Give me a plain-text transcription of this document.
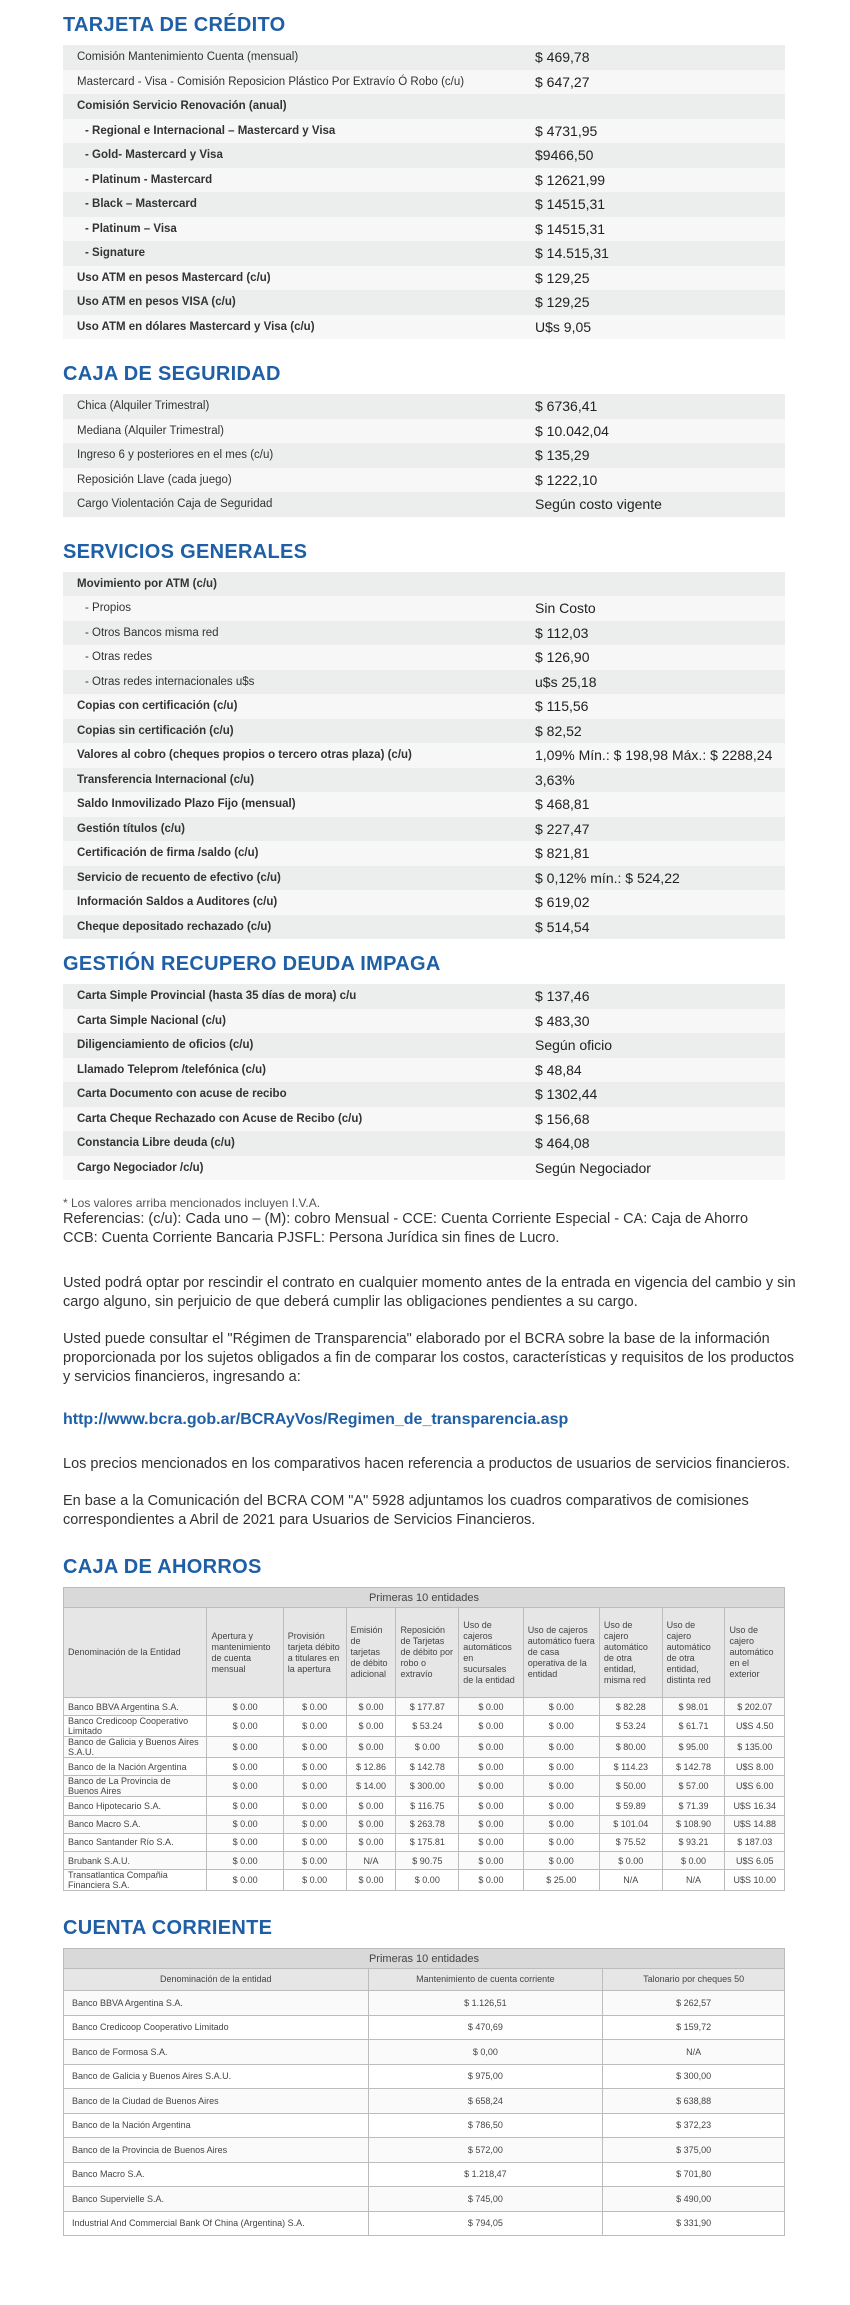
TARJETA DE CRÉDITO
Comisión Mantenimiento Cuenta (mensual)	$ 469,78
Mastercard - Visa - Comisión Reposicion Plástico Por Extravío Ó Robo (c/u)	$ 647,27
Comisión Servicio Renovación (anual)	
- Regional e Internacional – Mastercard y Visa	$ 4731,95
- Gold- Mastercard y Visa	$9466,50
- Platinum - Mastercard	$ 12621,99
- Black – Mastercard	$ 14515,31
- Platinum – Visa	$ 14515,31
- Signature	$ 14.515,31
Uso ATM en pesos Mastercard (c/u)	$ 129,25
Uso ATM en pesos VISA (c/u)	$ 129,25
Uso ATM en dólares Mastercard y Visa (c/u)	U$s 9,05
CAJA DE SEGURIDAD
Chica (Alquiler Trimestral)	$ 6736,41
Mediana (Alquiler Trimestral)	$ 10.042,04
Ingreso 6 y posteriores en el mes (c/u)	$ 135,29
Reposición Llave (cada juego)	$ 1222,10
Cargo Violentación Caja de Seguridad	Según costo vigente
SERVICIOS GENERALES
Movimiento por ATM (c/u)	
- Propios	Sin Costo
- Otros Bancos misma red	$ 112,03
- Otras redes	$ 126,90
- Otras redes internacionales u$s	u$s 25,18
Copias con certificación (c/u)	$ 115,56
Copias sin certificación (c/u)	$ 82,52
Valores al cobro (cheques propios o tercero otras plaza) (c/u)	1,09% Mín.: $ 198,98 Máx.: $ 2288,24
Transferencia Internacional (c/u)	3,63%
Saldo Inmovilizado Plazo Fijo (mensual)	$ 468,81
Gestión títulos (c/u)	$ 227,47
Certificación de firma /saldo (c/u)	$ 821,81
Servicio de recuento de efectivo (c/u)	$ 0,12% mín.: $ 524,22
Información Saldos a Auditores (c/u)	$ 619,02
Cheque depositado rechazado (c/u)	$ 514,54
GESTIÓN RECUPERO DEUDA IMPAGA
Carta Simple Provincial (hasta 35 días de mora) c/u	$ 137,46
Carta Simple Nacional (c/u)	$ 483,30
Diligenciamiento de oficios (c/u)	Según oficio
Llamado Teleprom /telefónica (c/u)	$ 48,84
Carta Documento con acuse de recibo	$ 1302,44
Carta Cheque Rechazado con Acuse de Recibo (c/u)	$ 156,68
Constancia Libre deuda (c/u)	$ 464,08
Cargo Negociador /c/u)	Según Negociador
* Los valores arriba mencionados incluyen I.V.A.
Referencias: (c/u): Cada uno – (M): cobro Mensual - CCE: Cuenta Corriente Especial - CA: Caja de Ahorro
CCB: Cuenta Corriente Bancaria PJSFL: Persona Jurídica sin fines de Lucro.
Usted podrá optar por rescindir el contrato en cualquier momento antes de la entrada en vigencia del cambio y sin cargo alguno, sin perjuicio de que deberá cumplir las obligaciones pendientes a su cargo.
Usted puede consultar el "Régimen de Transparencia" elaborado por el BCRA sobre la base de la información proporcionada por los sujetos obligados a fin de comparar los costos, características y requisitos de los productos y servicios financieros, ingresando a:
http://www.bcra.gob.ar/BCRAyVos/Regimen_de_transparencia.asp
Los precios mencionados en los comparativos hacen referencia a productos de usuarios de servicios financieros.
En base a la Comunicación del BCRA COM "A" 5928 adjuntamos los cuadros comparativos de comisiones correspondientes a Abril de 2021 para Usuarios de Servicios Financieros.
CAJA DE AHORROS
Primeras 10 entidades									
Denominación de la Entidad	Apertura y mantenimiento de cuenta mensual	Provisión tarjeta débito a titulares en la apertura	Emisión de tarjetas de débito adicional	Reposición de Tarjetas de débito por robo o extravío	Uso de cajeros automáticos en sucursales de la entidad	Uso de cajeros automático fuera de casa operativa de la entidad	Uso de cajero automático de otra entidad, misma red	Uso de cajero automático de otra entidad, distinta red	Uso de cajero automático en el exterior
Banco BBVA Argentina S.A.	$ 0.00	$ 0.00	$ 0.00	$ 177.87	$ 0.00	$ 0.00	$ 82.28	$ 98.01	$ 202.07
Banco Credicoop Cooperativo Limitado	$ 0.00	$ 0.00	$ 0.00	$ 53.24	$ 0.00	$ 0.00	$ 53.24	$ 61.71	U$S 4.50
Banco de Galicia y Buenos Aires S.A.U.	$ 0.00	$ 0.00	$ 0.00	$ 0.00	$ 0.00	$ 0.00	$ 80.00	$ 95.00	$ 135.00
Banco de la Nación Argentina	$ 0.00	$ 0.00	$ 12.86	$ 142.78	$ 0.00	$ 0.00	$ 114.23	$ 142.78	U$S 8.00
Banco de La Provincia de Buenos Aires	$ 0.00	$ 0.00	$ 14.00	$ 300.00	$ 0.00	$ 0.00	$ 50.00	$ 57.00	U$S 6.00
Banco Hipotecario S.A.	$ 0.00	$ 0.00	$ 0.00	$ 116.75	$ 0.00	$ 0.00	$ 59.89	$ 71.39	U$S 16.34
Banco Macro S.A.	$ 0.00	$ 0.00	$ 0.00	$ 263.78	$ 0.00	$ 0.00	$ 101.04	$ 108.90	U$S 14.88
Banco Santander Río S.A.	$ 0.00	$ 0.00	$ 0.00	$ 175.81	$ 0.00	$ 0.00	$ 75.52	$ 93.21	$ 187.03
Brubank S.A.U.	$ 0.00	$ 0.00	N/A	$ 90.75	$ 0.00	$ 0.00	$ 0.00	$ 0.00	U$S 6.05
Transatlantica Compañia Financiera S.A.	$ 0.00	$ 0.00	$ 0.00	$ 0.00	$ 0.00	$ 25.00	N/A	N/A	U$S 10.00
CUENTA CORRIENTE
Primeras 10 entidades		
Denominación de la entidad	Mantenimiento de cuenta corriente	Talonario por cheques 50
Banco BBVA Argentina S.A.	$ 1.126,51	$ 262,57
Banco Credicoop Cooperativo Limitado	$ 470,69	$ 159,72
Banco de Formosa S.A.	$ 0,00	N/A
Banco de Galicia y Buenos Aires S.A.U.	$ 975,00	$ 300,00
Banco de la Ciudad de Buenos Aires	$ 658,24	$ 638,88
Banco de la Nación Argentina	$ 786,50	$ 372,23
Banco de la Provincia de Buenos Aires	$ 572,00	$ 375,00
Banco Macro S.A.	$ 1.218,47	$ 701,80
Banco Supervielle S.A.	$ 745,00	$ 490,00
Industrial And Commercial Bank Of China (Argentina) S.A.	$ 794,05	$ 331,90
